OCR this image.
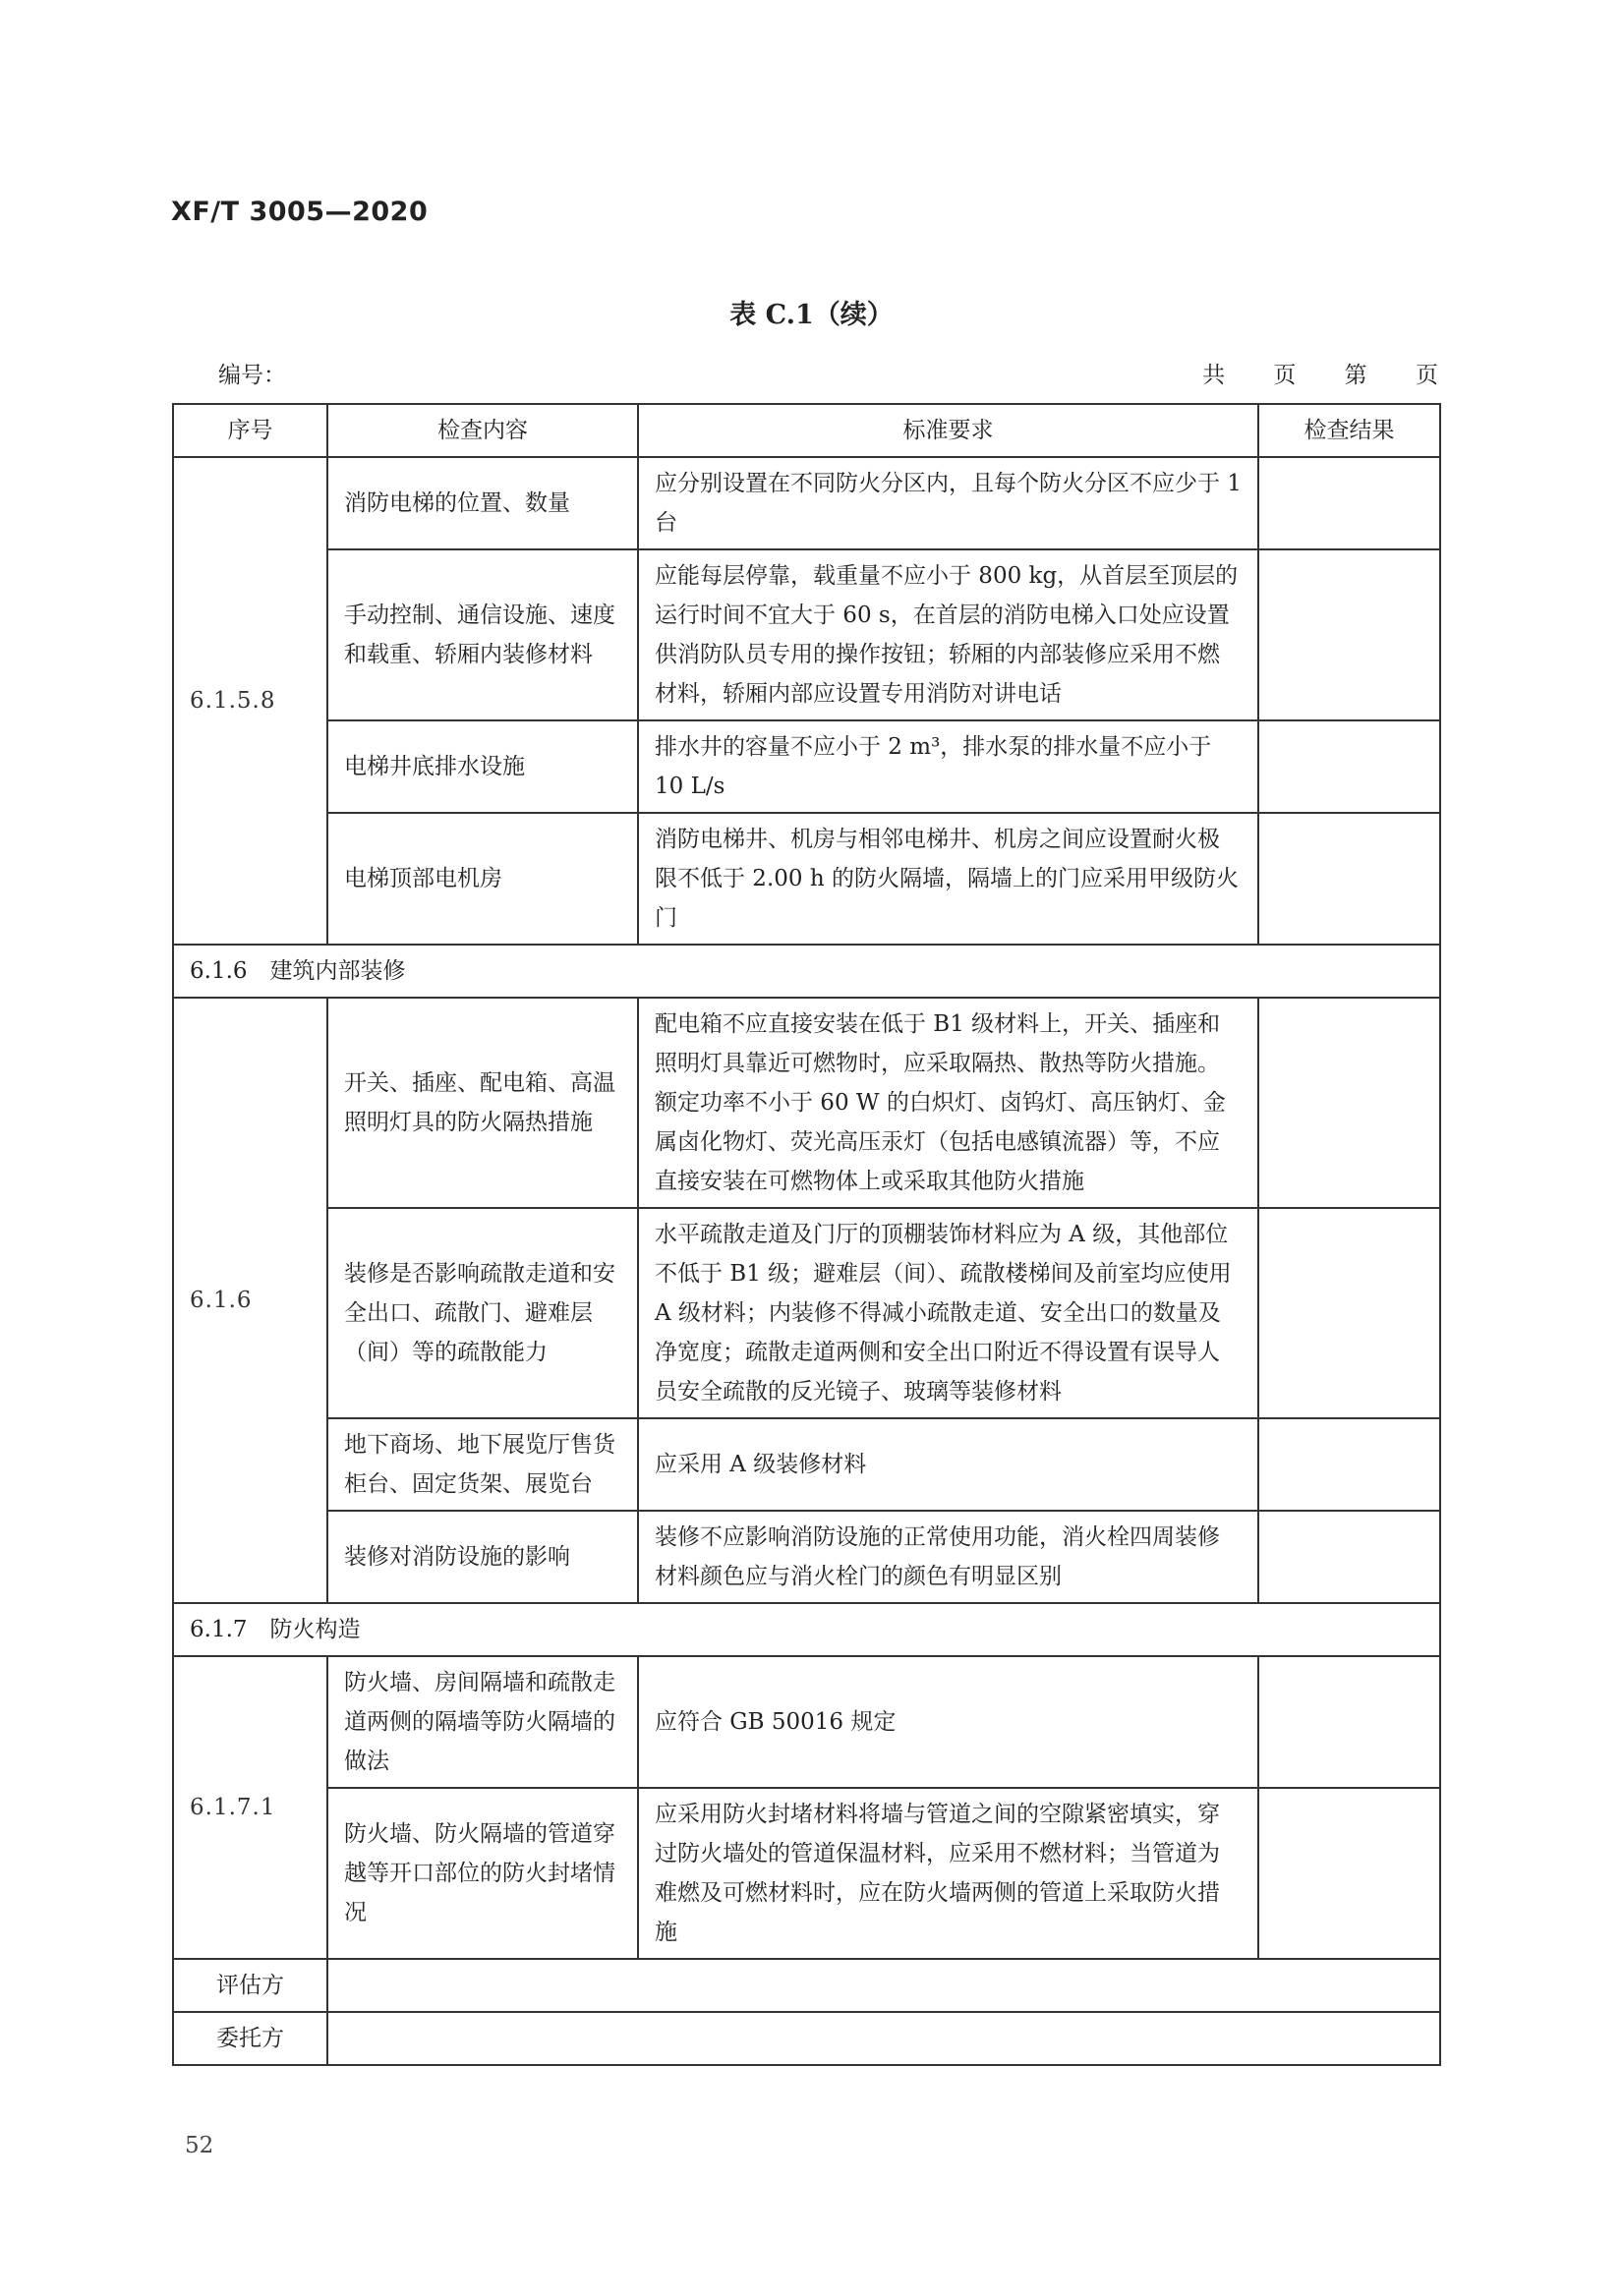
XF/T 3005—2020
表 C.1（续）
编号：	共 页 第 页
序号	检查内容	标准要求	检查结果
6.1.5.8	消防电梯的位置、数量	应分别设置在不同防火分区内，且每个防火分区不应少于 1 台	
	手动控制、通信设施、速度和载重、轿厢内装修材料	应能每层停靠，载重量不应小于 800 kg，从首层至顶层的运行时间不宜大于 60 s，在首层的消防电梯入口处应设置供消防队员专用的操作按钮；轿厢的内部装修应采用不燃材料，轿厢内部应设置专用消防对讲电话	
	电梯井底排水设施	排水井的容量不应小于 2 m³，排水泵的排水量不应小于 10 L/s	
	电梯顶部电机房	消防电梯井、机房与相邻电梯井、机房之间应设置耐火极限不低于 2.00 h 的防火隔墙，隔墙上的门应采用甲级防火门	
6.1.6　建筑内部装修			
6.1.6	开关、插座、配电箱、高温照明灯具的防火隔热措施	配电箱不应直接安装在低于 B1 级材料上，开关、插座和照明灯具靠近可燃物时，应采取隔热、散热等防火措施。额定功率不小于 60 W 的白炽灯、卤钨灯、高压钠灯、金属卤化物灯、荧光高压汞灯（包括电感镇流器）等，不应直接安装在可燃物体上或采取其他防火措施	
	装修是否影响疏散走道和安全出口、疏散门、避难层（间）等的疏散能力	水平疏散走道及门厅的顶棚装饰材料应为 A 级，其他部位不低于 B1 级；避难层（间）、疏散楼梯间及前室均应使用 A 级材料；内装修不得减小疏散走道、安全出口的数量及净宽度；疏散走道两侧和安全出口附近不得设置有误导人员安全疏散的反光镜子、玻璃等装修材料	
	地下商场、地下展览厅售货柜台、固定货架、展览台	应采用 A 级装修材料	
	装修对消防设施的影响	装修不应影响消防设施的正常使用功能，消火栓四周装修材料颜色应与消火栓门的颜色有明显区别	
6.1.7　防火构造			
6.1.7.1	防火墙、房间隔墙和疏散走道两侧的隔墙等防火隔墙的做法	应符合 GB 50016 规定	
	防火墙、防火隔墙的管道穿越等开口部位的防火封堵情况	应采用防火封堵材料将墙与管道之间的空隙紧密填实，穿过防火墙处的管道保温材料，应采用不燃材料；当管道为难燃及可燃材料时，应在防火墙两侧的管道上采取防火措施	
评估方			
委托方			
52
